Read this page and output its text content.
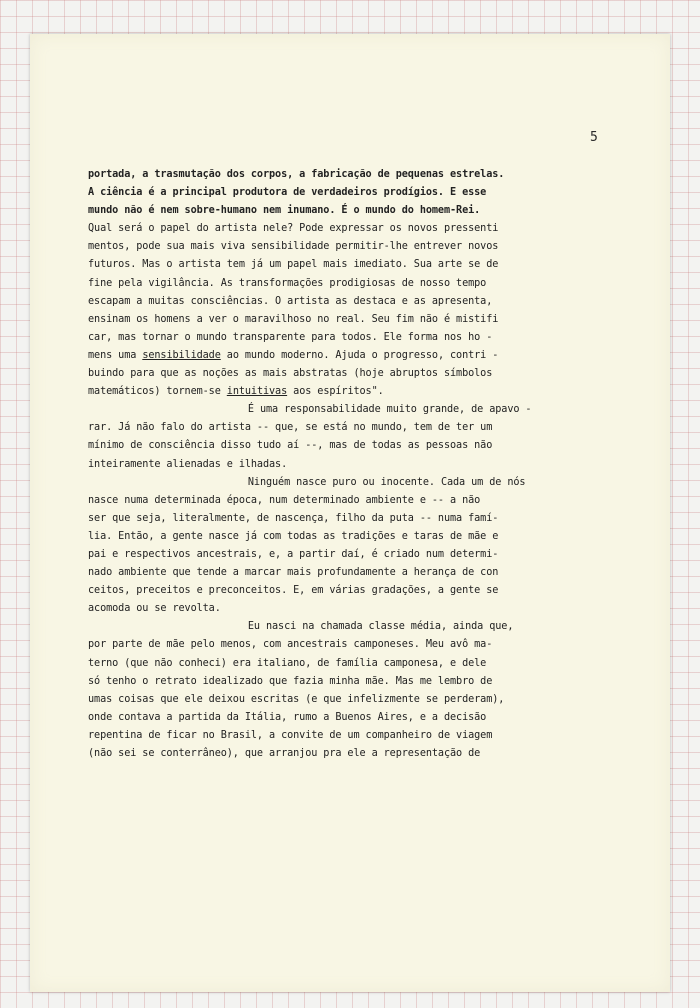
5
portada, a trasmutação dos corpos, a fabricação de pequenas estrelas.
A ciência é a principal produtora de verdadeiros prodígios. E esse
mundo não é nem sobre-humano nem inumano. É o mundo do homem-Rei.
Qual será o papel do artista nele? Pode expressar os novos pressenti
mentos, pode sua mais viva sensibilidade permitir-lhe entrever novos
futuros. Mas o artista tem já um papel mais imediato. Sua arte se de
fine pela vigilância. As transformações prodigiosas de nosso tempo
escapam a muitas consciências. O artista as destaca e as apresenta,
ensinam os homens a ver o maravilhoso no real. Seu fim não é mistifi
car, mas tornar o mundo transparente para todos. Ele forma nos ho -
mens uma sensibilidade ao mundo moderno. Ajuda o progresso, contri -
buindo para que as noções as mais abstratas (hoje abruptos símbolos
matemáticos) tornem-se intuitivas aos espíritos".
É uma responsabilidade muito grande, de apavo -
rar. Já não falo do artista -- que, se está no mundo, tem de ter um
mínimo de consciência disso tudo aí --, mas de todas as pessoas não
inteiramente alienadas e ilhadas.
Ninguém nasce puro ou inocente. Cada um de nós
nasce numa determinada época, num determinado ambiente e -- a não
ser que seja, literalmente, de nascença, filho da puta -- numa famí-
lia. Então, a gente nasce já com todas as tradições e taras de mãe e
pai e respectivos ancestrais, e, a partir daí, é criado num determi-
nado ambiente que tende a marcar mais profundamente a herança de con
ceitos, preceitos e preconceitos. E, em várias gradações, a gente se
acomoda ou se revolta.
Eu nasci na chamada classe média, ainda que,
por parte de mãe pelo menos, com ancestrais camponeses. Meu avô ma-
terno (que não conheci) era italiano, de família camponesa, e dele
só tenho o retrato idealizado que fazia minha mãe. Mas me lembro de
umas coisas que ele deixou escritas (e que infelizmente se perderam),
onde contava a partida da Itália, rumo a Buenos Aires, e a decisão
repentina de ficar no Brasil, a convite de um companheiro de viagem
(não sei se conterrâneo), que arranjou pra ele a representação de
